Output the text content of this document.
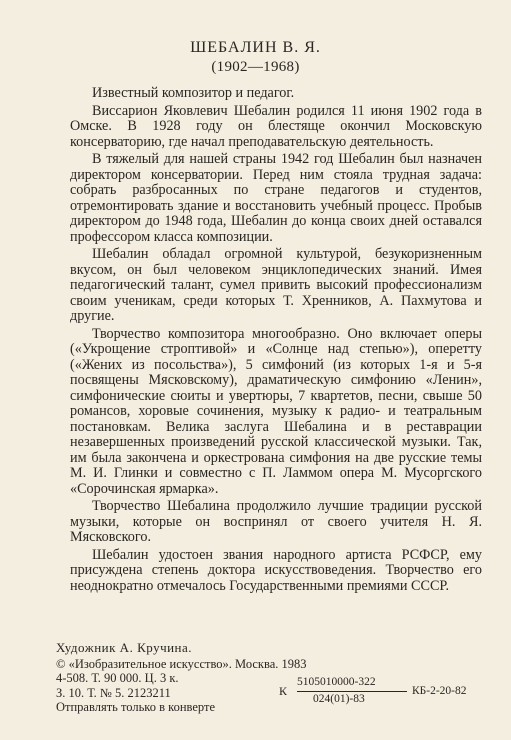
ШЕБАЛИН В. Я.
(1902—1968)

Известный композитор и педагог.

Виссарион Яковлевич Шебалин родился 11 июня 1902 года в Омске. В 1928 году он блестяще окончил Московскую консерваторию, где начал преподавательскую деятельность.

В тяжелый для нашей страны 1942 год Шебалин был назначен директором консерватории. Перед ним стояла трудная задача: собрать разбросанных по стране педагогов и студентов, отремонтировать здание и восстановить учебный процесс. Пробыв директором до 1948 года, Шебалин до конца своих дней оставался профессором класса композиции.

Шебалин обладал огромной культурой, безукоризненным вкусом, он был человеком энциклопедических знаний. Имея педагогический талант, сумел привить высокий профессионализм своим ученикам, среди которых Т. Хренников, А. Пахмутова и другие.

Творчество композитора многообразно. Оно включает оперы («Укрощение строптивой» и «Солнце над степью»), оперетту («Жених из посольства»), 5 симфоний (из которых 1-я и 5-я посвящены Мясковскому), драматическую симфонию «Ленин», симфонические сюиты и увертюры, 7 квартетов, песни, свыше 50 романсов, хоровые сочинения, музыку к радио- и театральным постановкам. Велика заслуга Шебалина и в реставрации незавершенных произведений русской классической музыки. Так, им была закончена и оркестрована симфония на две русские темы М. И. Глинки и совместно с П. Ламмом опера М. Мусоргского «Сорочинская ярмарка».

Творчество Шебалина продолжило лучшие традиции русской музыки, которые он воспринял от своего учителя Н. Я. Мясковского.

Шебалин удостоен звания народного артиста РСФСР, ему присуждена степень доктора искусствоведения. Творчество его неоднократно отмечалось Государственными премиями СССР.

Художник А. Кручина.
© «Изобразительное искусство». Москва. 1983
4-508. Т. 90 000. Ц. 3 к.
З. 10. Т. № 5. 2123211
Отправлять только в конверте
К
5105010000-322
024(01)-83
КБ-2-20-82
